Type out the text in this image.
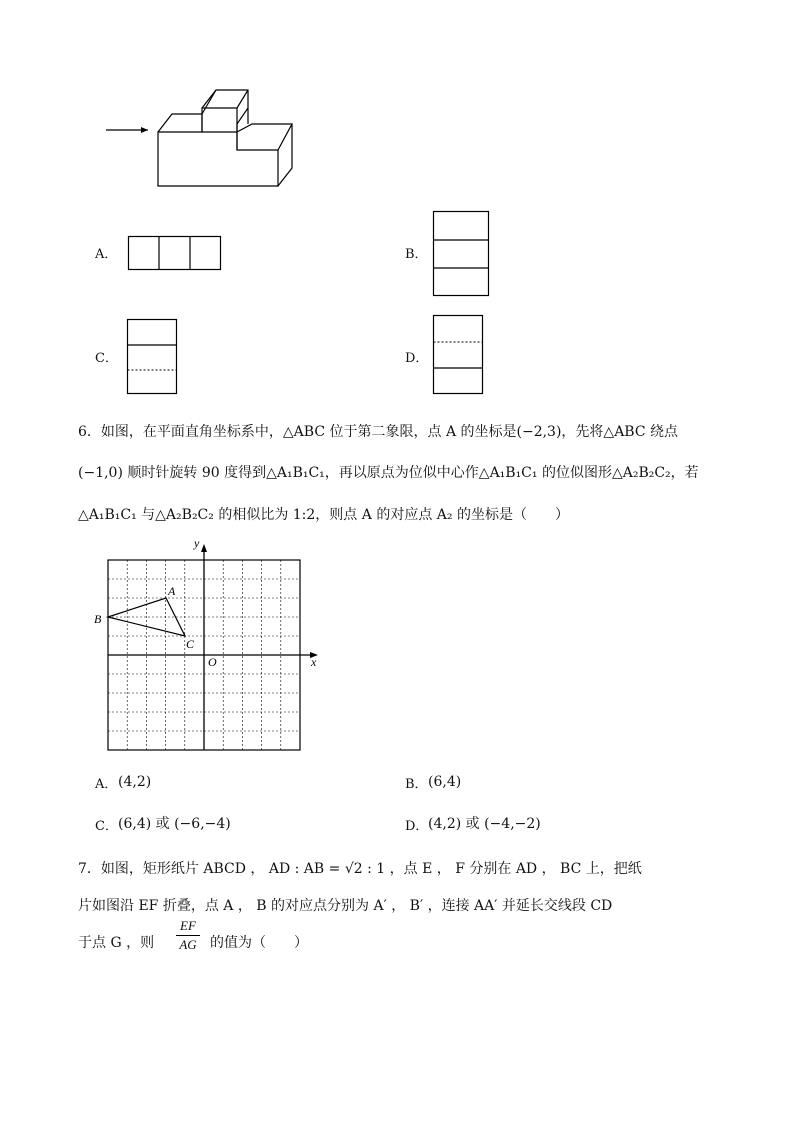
A．	B．
C．	D．
6．如图，在平面直角坐标系中，△ABC 位于第二象限，点 A 的坐标是(−2,3)，先将△ABC 绕点
(−1,0) 顺时针旋转 90 度得到△A₁B₁C₁，再以原点为位似中心作△A₁B₁C₁ 的位似图形△A₂B₂C₂，若
△A₁B₁C₁ 与△A₂B₂C₂ 的相似比为 1:2，则点 A 的对应点 A₂ 的坐标是（　　）
A
B
C
O	x
y
A． (4,2)	B． (6,4)
C． (6,4) 或 (−6,−4)	D． (4,2) 或 (−4,−2)
7．如图，矩形纸片 ABCD ， AD : AB = √2 : 1 ，点 E ， F 分别在 AD ， BC 上，把纸
片如图沿 EF 折叠，点 A ， B 的对应点分别为 A′ ， B′ ，连接 AA′ 并延长交线段 CD
于点 G ，则
EF
AG 的值为（　　）
